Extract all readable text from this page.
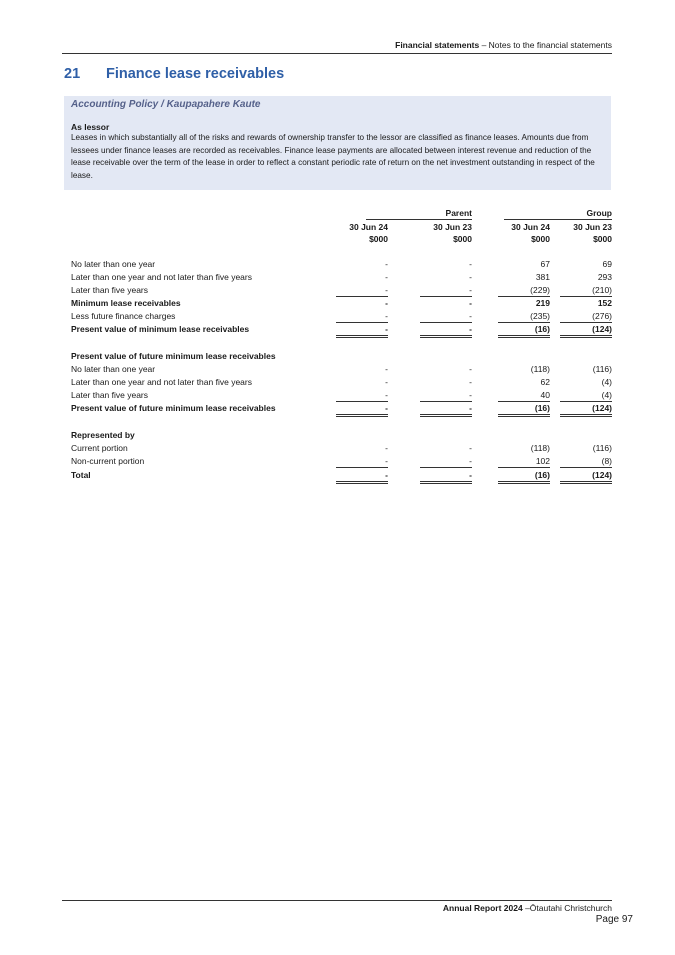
Financial statements – Notes to the financial statements
21 Finance lease receivables
Accounting Policy / Kaupapahere Kaute
As lessor
Leases in which substantially all of the risks and rewards of ownership transfer to the lessor are classified as finance leases. Amounts due from lessees under finance leases are recorded as receivables. Finance lease payments are allocated between interest revenue and reduction of the lease receivable over the term of the lease in order to reflect a constant periodic rate of return on the net investment outstanding in respect of the lease.
Parent	Group
30 Jun 24	30 Jun 23	30 Jun 24	30 Jun 23
$000	$000	$000	$000
No later than one year	-	-	67	69
Later than one year and not later than five years	-	-	381	293
Later than five years	-	-	(229)	(210)
Minimum lease receivables	-	-	219	152
Less future finance charges	-	-	(235)	(276)
Present value of minimum lease receivables	-	-	(16)	(124)
Present value of future minimum lease receivables
No later than one year	-	-	(118)	(116)
Later than one year and not later than five years	-	-	62	(4)
Later than five years	-	-	40	(4)
Present value of future minimum lease receivables	-	-	(16)	(124)
Represented by
Current portion	-	-	(118)	(116)
Non-current portion	-	-	102	(8)
Total	-	-	(16)	(124)
Annual Report 2024 –Ōtautahi Christchurch
Page 97
